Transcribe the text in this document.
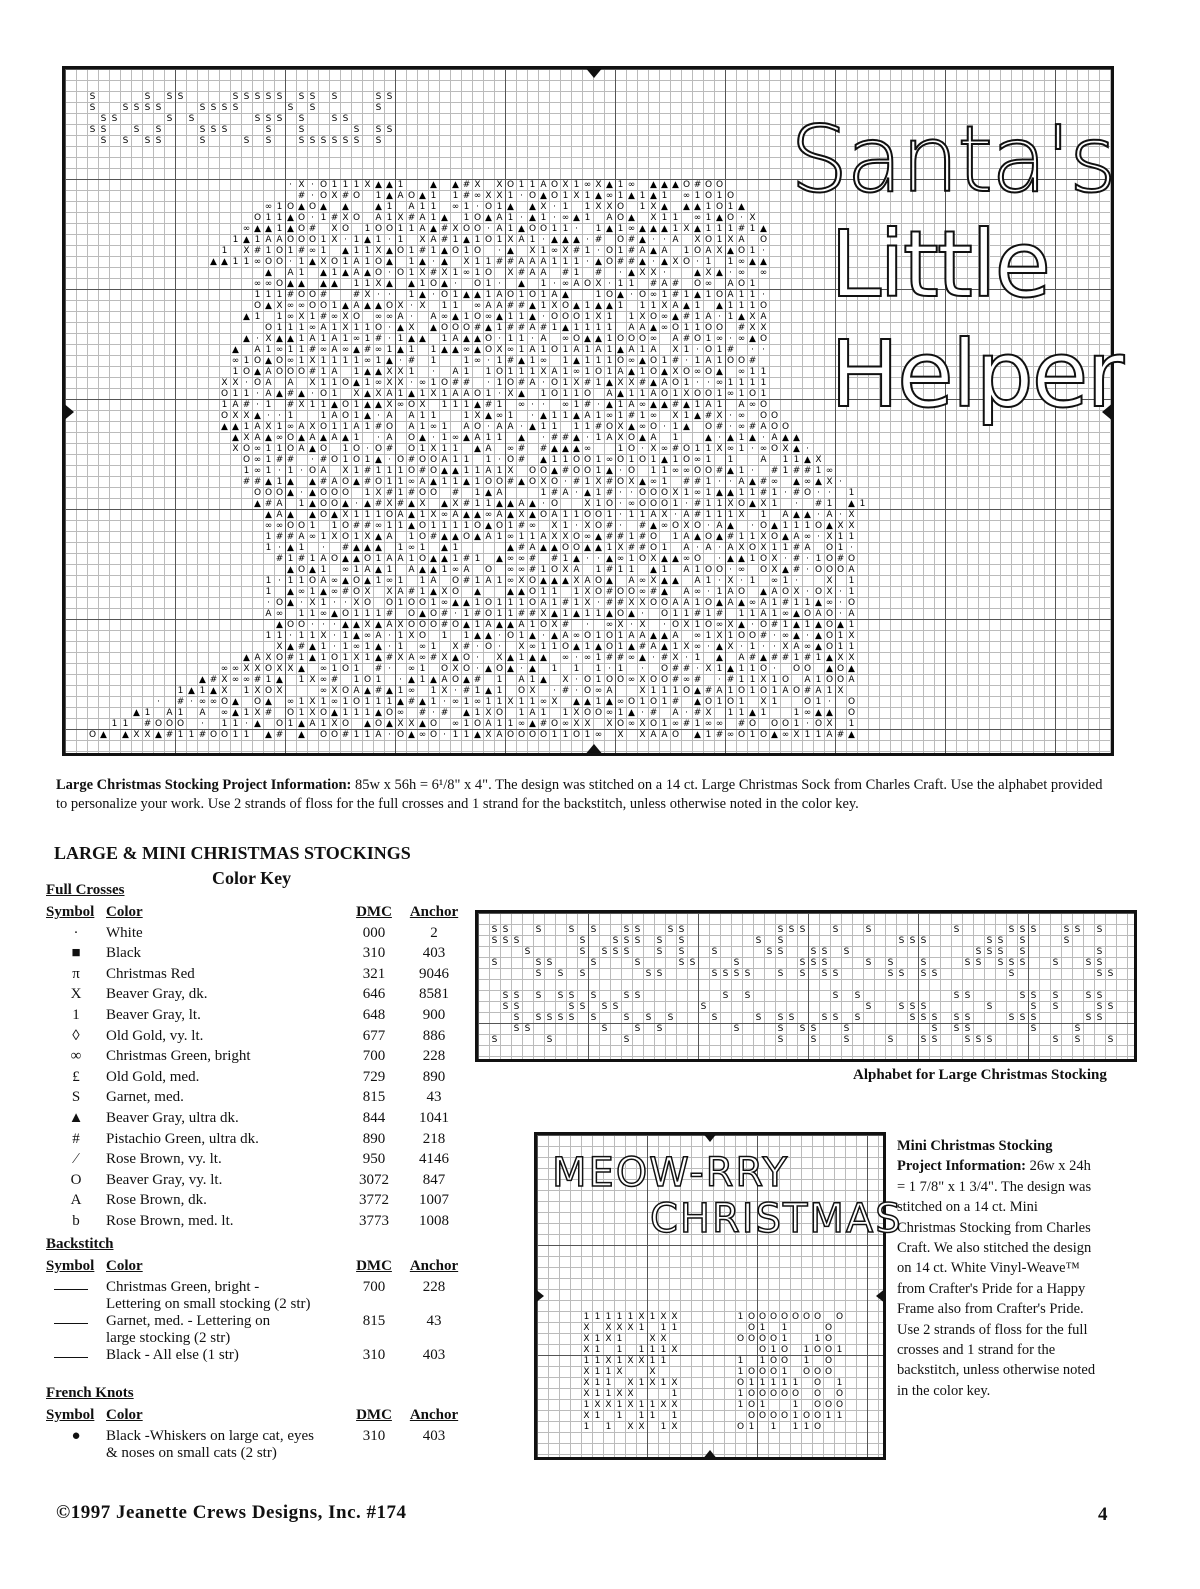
· X · O 1 1 1 X ▲ ▲ 1	▲ ▲ # X X O 1 1 A O X 1 ∞ X ▲ 1 ∞ ▲ ▲ ▲ O # O O
# · O X # O 1 ▲ A O ▲ 1 1 # ∞ X X 1 · O ▲ O 1 X 1 ▲ ∞ 1 ▲ 1 ▲ 1 ∞ 1 O 1 O
∞ 1 O ▲ O ▲ ▲	▲ 1 A 1 1 ∞ 1 · O 1 ▲ ▲ X · 1 1 X X O 1 X ▲ ▲ ▲ 1 O 1 ▲
O 1 1 ▲ O · 1 # X O A 1 X # A 1 ▲ 1 O ▲ A 1 · ▲ 1 · ∞ ▲ 1 A O ▲ X 1 1 ∞ 1 ▲ O · X
∞ ▲ ▲ 1 ▲ O # X O 1 O O 1 1 A ▲ # X O O · A 1 ▲ O O 1 1 · 1 ▲ 1 ∞ ▲ ▲ ▲ 1 X ▲ 1 1 1 # 1 ▲
1 ▲ 1 A A O O O 1 X · 1 ▲ 1 · 1 X A # 1 ▲ 1 O 1 X A 1 · ▲ ▲ ▲ · # O # ▲ · · A X O 1 X A O
1 X # 1 O 1 # ∞ 1 ▲ 1 1 X ▲ O 1 # 1 ▲ O 1 O · ▲ X 1 ∞ X # 1 · O 1 # A ▲ A 1 O A X ▲ O 1 ·
▲ ▲ 1 1 ∞ O O · 1 ▲ X O 1 A 1 O ▲ 1 ▲ · ▲ X 1 1 # # A A A 1 1 1 · ▲ O # # ▲ · ▲ X O · 1 1 ∞ ▲ ▲
▲ A 1 ▲ 1 ▲ A ▲ O · O 1 X # X 1 ∞ 1 O X # A A # 1 # · ▲ X X ·	▲ X ▲ · ∞ ∞
∞ ∞ O ▲ ▲ ▲ ▲ 1 1 X ▲ ▲ 1 O ▲ · O 1 · ▲ 1 · ∞ A O X · 1 1 # A # O ∞ A O 1
1 1 1 # O O #	# X · · 1 ▲ · O 1 ▲ ▲ 1 A O 1 O 1 A ▲	1 O ▲ · O ∞ 1 # 1 ▲ 1 O A 1 1 ·
O ▲ X ∞ ∞ O O 1 ▲ A ▲ ▲ O X · X 1 1 ∞ A A # # ▲ 1 X O ▲ 1 ▲ ▲ 1 1 1 X A ▲ 1 ▲ 1 1 1 O
▲ 1 1 ∞ X 1 # ∞ X O ∞ ∞ A · A ∞ ▲ 1 O ∞ ▲ 1 1 ▲ · O O O 1 X 1 1 X O ∞ ▲ # 1 A · 1 ▲ X A
O 1 1 1 ∞ A 1 X 1 1 O · ▲ X ▲ O O O # ▲ 1 # # A # 1 ▲ 1 1 1 1 A A ▲ ∞ O 1 1 O O # X X
▲ · X ▲ ▲ 1 A 1 A 1 ∞ 1 # · 1 ▲ ▲ 1 A ▲ ▲ O · 1 1 · A ∞ O ▲ ▲ 1 O O O ∞ A # O 1 ∞ · ∞ ▲ O
▲ A 1 ∞ 1 1 # ∞ A ∞ ▲ # ∞ 1 ▲ 1 1 ▲ ▲ ∞ ▲ O X ∞ 1 A 1 O 1 A 1 A 1 ▲ A 1 A X 1 · O 1 # · ·
∞ 1 O ▲ O ∞ 1 X 1 1 1 1 ∞ 1 ▲ · # 1	1 ∞ · 1 # ▲ 1 ∞ 1 ▲ 1 1 1 O ∞ ▲ O 1 # · 1 A 1 O O #
1 O ▲ A O O O # 1 A 1 ▲ ▲ X X 1 · A 1 1 O 1 1 1 X A 1 ∞ 1 O 1 A ▲ 1 O ▲ X O ∞ O ▲ ∞ 1 1
X X · O A A X 1 1 O ▲ 1 ∞ X X · ∞ 1 O # # · 1 O # A · O 1 X # 1 ▲ X X # ▲ A O 1 · · ∞ 1 1 1 1
O 1 1 · A ▲ # ▲ · O 1 X ▲ X A 1 ▲ 1 X 1 A A O 1 · X ▲ 1 O 1 1 O A ▲ 1 1 A O 1 X O O 1 ∞ 1 O 1
1 A # · 1 # X 1 1 ▲ O 1 ▲ ▲ X ∞ O X 1 1 1 ▲ # 1 ∞ · · ∞ 1 # · ▲ 1 A ∞ ▲ ▲ # ▲ 1 A 1 A ∞ O
O X X ▲ · · 1	1 A O 1 ▲ · A A 1 1	1 X ▲ ∞ 1 · ▲ 1 1 ▲ A 1 ∞ 1 # 1 ∞ X 1 ▲ # X · ∞ O O
▲ ▲ 1 A X 1 ∞ A X O 1 1 A 1 # O A 1 ∞ 1 A O · A A · ▲ 1 1 1 1 # O X ▲ ∞ O · 1 ▲ O # · ∞ # A O O
▲ X A ▲ ∞ O ▲ A ▲ A ▲ 1 · A O ▲ · 1 ∞ ▲ A 1 1 ▲ · # # ▲ · 1 A X O ▲ A 1	▲ · ▲ 1 ▲ · A ▲ ▲
X O ∞ 1 1 O A ▲ O 1 O · O # O 1 X 1 1 ▲ A ∞ # # ▲ ▲ ▲ ∞	1 O · X ∞ # O 1 1 X ∞ 1 · ∞ O X ▲ ·
O ∞ 1 # # · # O 1 O 1 ▲ · O # O O A 1 1 1 · O # ▲ 1 1 O O 1 ∞ O 1 O 1 ▲ 1 O ∞ 1 1	A 1 1 ▲ X
1 ∞ 1 · 1 · O A X 1 # 1 1 1 O # O ▲ ▲ 1 1 A 1 X O O ▲ # O O 1 ▲ · O 1 1 ∞ ∞ O O # ▲ 1 · # 1 # # 1 ∞
# # ▲ 1 ▲ ▲ # A O ▲ # O 1 1 ∞ A ▲ 1 1 ▲ 1 O O # ▲ O X O · # 1 X # O X ▲ ∞ 1 # # 1 · · A ▲ # ∞ ▲ ∞ ▲ X ·
O O O ▲ · ▲ O O O 1 X # 1 # O O # 1 ▲ A	1 # A · ▲ 1 # · · O O O X 1 ∞ 1 ▲ ▲ 1 1 # 1 · # O · · 1
▲ # A 1 ▲ O O ▲ · ▲ # X # ▲ X ▲ X # 1 1 ▲ ▲ A ▲ · O	X 1 O · ∞ O O O 1 · # 1 1 X O ▲ X 1 · # 1 ▲ 1
▲ A ▲ ▲ O ▲ X 1 1 1 O A ▲ 1 X ∞ A ▲ ▲ ∞ A ▲ X ▲ O A 1 1 O O 1 · 1 1 A X · A # 1 1 1 X 1 A ▲ ▲ · A · X
∞ ∞ O O 1 1 O # # ∞ 1 1 ▲ O 1 1 1 1 O ▲ O 1 # ∞ X 1 · X O # · # ▲ ∞ O X O · A ▲ · O ▲ 1 1 1 O ▲ X X
1 # # A ∞ 1 X O 1 X ▲ A 1 O # ▲ ▲ O ▲ A 1 ∞ 1 1 A X X O ∞ ▲ # # 1 # O 1 A ▲ O ▲ # 1 1 X O ▲ A ∞ · X 1 1
1 · ▲ 1 · # ▲ ▲ ▲ 1 ∞ 1 ▲ 1	▲ # A ▲ ▲ O O ▲ ▲ 1 X # # O 1 A · A · A X O X 1 1 # A O 1 ·
# 1 # 1 A O ▲ ▲ O 1 A A 1 O ▲ ▲ 1 # 1 ▲ ∞ ∞ # # 1 ▲ · · ▲ ∞ 1 O X ▲ ▲ ∞ O · ▲ ▲ 1 O X · # · 1 O # O
▲ O ▲ 1 ∞ 1 A ▲ 1 A ▲ ▲ 1 ∞ A O ∞ ∞ # 1 O X A 1 # 1 1 ▲ 1 A 1 O O · ∞ O X ▲ # · O O O A
1 · 1 1 O A ∞ ▲ O ▲ 1 ∞ 1 1 A O # 1 A 1 ∞ X O ▲ ▲ ▲ X A O ▲ A ∞ X ▲ ▲ A 1 · X · 1 ∞ 1 ·	X 1
1 ▲ ∞ 1 ▲ ∞ # O X X A # 1 ▲ X O ▲	▲ ▲ O 1 1 1 X O # O O ∞ # ▲ A ∞ · 1 A O ▲ A O X · O X · 1
· O ▲ · X 1 · · X O O 1 O O 1 ∞ ▲ ▲ 1 O 1 1 1 O A 1 # 1 X · # # X X O O A A 1 O ▲ A ▲ ∞ A 1 # 1 1 ▲ ∞ · O
A ∞ 1 1 ∞ ▲ O 1 1 1 # O ▲ O # · 1 # O 1 1 # # X ▲ 1 ▲ 1 1 ▲ O ▲ · O 1 1 # 1 # 1 1 A 1 ∞ ▲ O A O · A
▲ O O · · · ▲ ▲ X ▲ A X O O O # O ▲ 1 A ▲ ▲ A 1 O X # · ∞ X · X · O X 1 O ∞ X ▲ · O # 1 ▲ 1 ▲ O ▲ 1
1 1 · 1 1 X · 1 ▲ ∞ A · 1 X O 1 1 ▲ ▲ · O 1 ▲ · ▲ A ∞ O 1 O 1 A A ▲ ▲ A ∞ 1 X 1 O O # · ∞ ▲ · ▲ O 1 X
X ▲ # ▲ 1 · 1 ∞ 1 ▲ · 1 ∞ 1 X # · O · X ∞ 1 1 O ▲ 1 ▲ O 1 ▲ # A ▲ 1 X ∞ · ▲ X · 1 · · X A ∞ ▲ O 1 1
▲ A X O # 1 ▲ 1 O 1 X 1 ▲ # X A ∞ # X ▲ O · X ▲ 1 ▲ ▲ ∞ · ∞ 1 # # ∞ ▲ · # X · 1 ▲ A # ▲ # # 1 # 1 ▲ X X
∞ ∞ X X O X X ▲ ∞ 1 O 1 # · ∞ 1 O X O · ▲ O ▲ · ▲ 1 1 1 · 1 · O # # · X 1 ▲ 1 1 O · O O ▲ O ▲
▲ # X ∞ ∞ # 1 ▲ 1 X ∞ # 1 O 1 · ▲ 1 ▲ A O ▲ # 1 A 1 ▲ X · O 1 O O ∞ X O O # ∞ # · # 1 1 X 1 O A 1 O O A
1 ▲ 1 ▲ X 1 X O X	∞ X O A ▲ # ▲ 1 ∞ 1 X · # 1 ▲ 1 O X · # · O ∞ A	X 1 1 1 O ▲ # A 1 O 1 O 1 A O # A 1 X
· # · ∞ ∞ O ▲ O ▲ ∞ 1 X 1 ∞ 1 O 1 1 1 ▲ # ▲ 1 · ∞ 1 ∞ 1 1 X 1 1 ∞ X ▲ ▲ 1 ▲ ∞ O 1 O 1 # ▲ O 1 O 1 X 1	O 1 · O
▲ 1 A 1 A ∞ ▲ 1 X # O 1 X O ▲ 1 1 1 ▲ O ∞ # · # ▲ 1 X O 1 A 1 1 X O O ∞ 1 ▲ · # A · # X 1 1 ▲ 1	1 ∞ ▲ ▲ O
1 1 # O O O · 1 1 · ▲ O 1 ▲ A 1 X O ▲ O ▲ X X ▲ O ∞ 1 O A 1 1 ∞ ▲ # O ∞ X X X O ∞ X O 1 ∞ # 1 ∞ ∞ # O O O 1 · O X 1
O ▲ ▲ X X ▲ # 1 1 # O O 1 1 ▲ # ▲ O O # 1 1 A · O ▲ ∞ O · 1 1 ▲ X A O O O O 1 1 O 1 ∞ X X A A O ▲ 1 # ∞ O 1 O ▲ ∞ X 1 1 A # ▲
S	S S S	S S S S S S S S	S S
S	S S S S	S S S S	S S	S
S S	S S	S S S S	S S
S S	S S	S S S	S	S	S S S
S S S S	S	S S	S S S S S S S	Santa's
Little
Helper
Large Christmas Stocking Project Information: 85w x 56h = 6¹/8" x 4". The design was stitched on a 14 ct. Large Christmas Sock from Charles Craft. Use the alphabet provided to personalize your work. Use 2 strands of floss for the full crosses and 1 strand for the backstitch, unless otherwise noted in the color key.
LARGE & MINI CHRISTMAS STOCKINGS
Color Key
Full Crosses
Symbol	Color	DMC	Anchor
·	White	000	2
■	Black	310	403
π	Christmas Red	321	9046
X	Beaver Gray, dk.	646	8581
1	Beaver Gray, lt.	648	900
◊	Old Gold, vy. lt.	677	886
∞	Christmas Green, bright	700	228
£	Old Gold, med.	729	890
S	Garnet, med.	815	43
▲	Beaver Gray, ultra dk.	844	1041
#	Pistachio Green, ultra dk.	890	218
∕	Rose Brown, vy. lt.	950	4146
O	Beaver Gray, vy. lt.	3072	847
A	Rose Brown, dk.	3772	1007
b	Rose Brown, med. lt.	3773	1008
Backstitch
Symbol	Color	DMC	Anchor

	Christmas Green, bright -
Lettering on small stocking (2 str)	700	228

	Garnet, med. - Lettering on
large stocking (2 str)	815	43

	Black - All else (1 str)	310	403
French Knots
Symbol	Color	DMC	Anchor
●	Black -Whiskers on large cat, eyes
& noses on small cats (2 str)	310	403
S S	S	S S	S S	S S	S S S	S	S	S	S S S	S S S
S S S	S	S S S S S	S S	S S S	S S S	S
S	S S S S	S S	S	S S	S S S	S S S S	S
S	S S	S	S	S S	S	S S S	S S	S	S S S S S	S	S S
S S S	S S	S S S S	S S S S	S S S S	S	S S
S S S S S S	S S	S S	S S	S S	S S S	S S
S S	S S S S	S	S	S S S	S	S S	S S
S S S S S S	S S S	S	S S S	S S S	S S S S S	S S S	S S
S S	S	S S	S	S S S	S	S S S	S	S
S	S	S	S	S	S	S	S S	S S S	S S	S
Alphabet for Large Christmas Stocking
1 1 1 1 1 X 1 X X	1 O O O O O O O O
X X X X 1 1 1	O 1 1	O
X 1 X 1	X X	O O O O 1	1 O
X 1 1 1 1 1 X	O 1 O 1 O O 1
1 1 X 1 X X 1 1	1 1 O O 1 O
X 1 1 X	X	1 O O O 1 O O O
X 1 1 X 1 X 1 X	O 1 1 1 1 1 O 1
X 1 1 X X	1	1 O O O O O O O
1 X X 1 X 1 1 X X	1 O 1	1 O O O
X 1 1 1 1 1	O O O O 1 O O 1 1
1 1 X X 1 X	O 1 1 1 1 O
MEOW-RRY
CHRISTMAS
Mini Christmas Stocking Project Information: 26w x 24h = 1 7/8" x 1 3/4". The design was stitched on a 14 ct. Mini Christmas Stocking from Charles Craft. We also stitched the design on 14 ct. White Vinyl-Weave™ from Crafter's Pride for a Happy Frame also from Crafter's Pride. Use 2 strands of floss for the full crosses and 1 strand for the backstitch, unless otherwise noted in the color key.
©1997 Jeanette Crews Designs, Inc. #174	4
